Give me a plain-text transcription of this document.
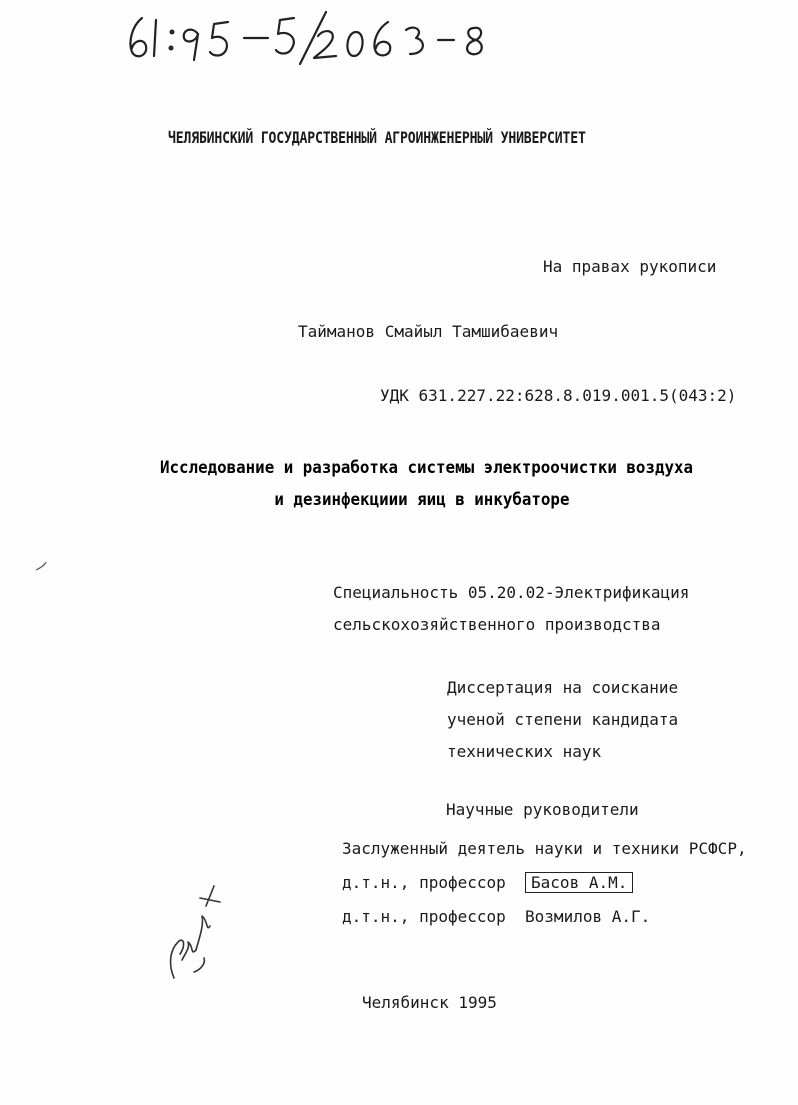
ЧЕЛЯБИНСКИЙ ГОСУДАРСТВЕННЫЙ АГРОИНЖЕНЕРНЫЙ УНИВЕРСИТЕТ
На правах рукописи
Тайманов Смайыл Тамшибаевич
УДК 631.227.22:628.8.019.001.5(043:2)
Исследование и разработка системы электроочистки воздуха
и дезинфекциии яиц в инкубаторе
Специальность 05.20.02-Электрификация
сельскохозяйственного производства
Диссертация на соискание
ученой степени кандидата
технических наук
Научные руководители
Заслуженный деятель науки и техники РСФСР,
д.т.н., профессор Басов А.М.
д.т.н., профессор Возмилов А.Г.
Челябинск 1995
